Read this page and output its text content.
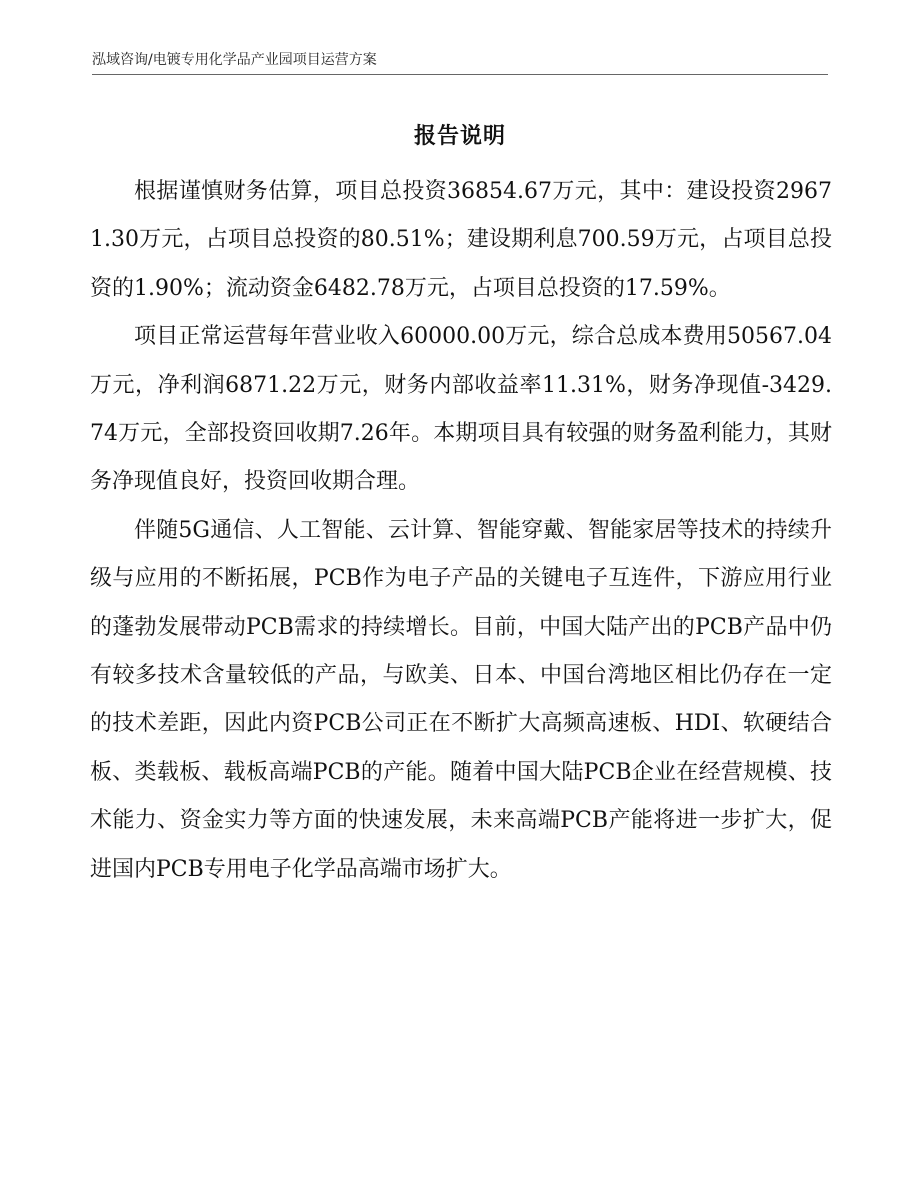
泓域咨询/电镀专用化学品产业园项目运营方案
报告说明

根据谨慎财务估算，项目总投资36854.67万元，其中：建设投资29671.30万元，占项目总投资的80.51%；建设期利息700.59万元，占项目总投资的1.90%；流动资金6482.78万元，占项目总投资的17.59%。

项目正常运营每年营业收入60000.00万元，综合总成本费用50567.04万元，净利润6871.22万元，财务内部收益率11.31%，财务净现值-3429.74万元，全部投资回收期7.26年。本期项目具有较强的财务盈利能力，其财务净现值良好，投资回收期合理。

伴随5G通信、人工智能、云计算、智能穿戴、智能家居等技术的持续升级与应用的不断拓展，PCB作为电子产品的关键电子互连件，下游应用行业的蓬勃发展带动PCB需求的持续增长。目前，中国大陆产出的PCB产品中仍有较多技术含量较低的产品，与欧美、日本、中国台湾地区相比仍存在一定的技术差距，因此内资PCB公司正在不断扩大高频高速板、HDI、软硬结合板、类载板、载板高端PCB的产能。随着中国大陆PCB企业在经营规模、技术能力、资金实力等方面的快速发展，未来高端PCB产能将进一步扩大，促进国内PCB专用电子化学品高端市场扩大。
